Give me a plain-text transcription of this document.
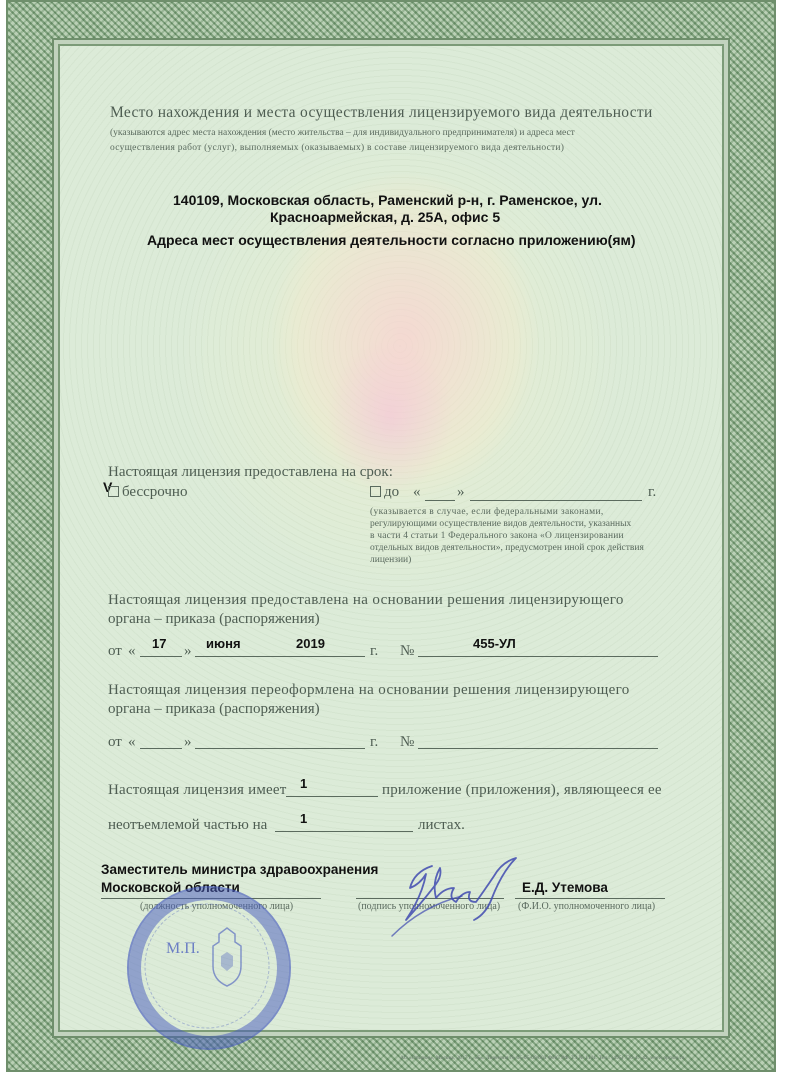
Место нахождения и места осуществления лицензируемого вида деятельности
(указываются адрес места нахождения (место жительства – для индивидуального предпринимателя) и адреса мест
осуществления работ (услуг), выполняемых (оказываемых) в составе лицензируемого вида деятельности)
140109, Московская область, Раменский р-н, г. Раменское, ул.
Красноармейская, д. 25А, офис 5
Адреса мест осуществления деятельности согласно приложению(ям)
Настоящая лицензия предоставлена на срок:
V бессрочно	до « »	г.
(указывается в случае, если федеральными законами,
регулирующими осуществление видов деятельности, указанных
в части 4 статьи 1 Федерального закона «О лицензировании
отдельных видов деятельности», предусмотрен иной срок действия
лицензии)
Настоящая лицензия предоставлена на основании решения лицензирующего
органа – приказа (распоряжения)
от « 17 » июня	2019	г. №	455-УЛ
Настоящая лицензия переоформлена на основании решения лицензирующего
органа – приказа (распоряжения)
от «	»	г. №
Настоящая лицензия имеет 1	приложение (приложения), являющееся ее
неотъемлемой частью на	1	листах.
Заместитель министра здравоохранения
Московской области	Е.Д. Утемова
(должность уполномоченного лица)	(подпись уполномоченного лица) (Ф.И.О. уполномоченного лица)
М.П.
АО «Опцион», Москва, 2017 г., «Б». Лицензия № 05-05-09/003 ФНС РФ. ТЗ № 1101. Тел.: (495) 726-47-42, www.opcion.ru
